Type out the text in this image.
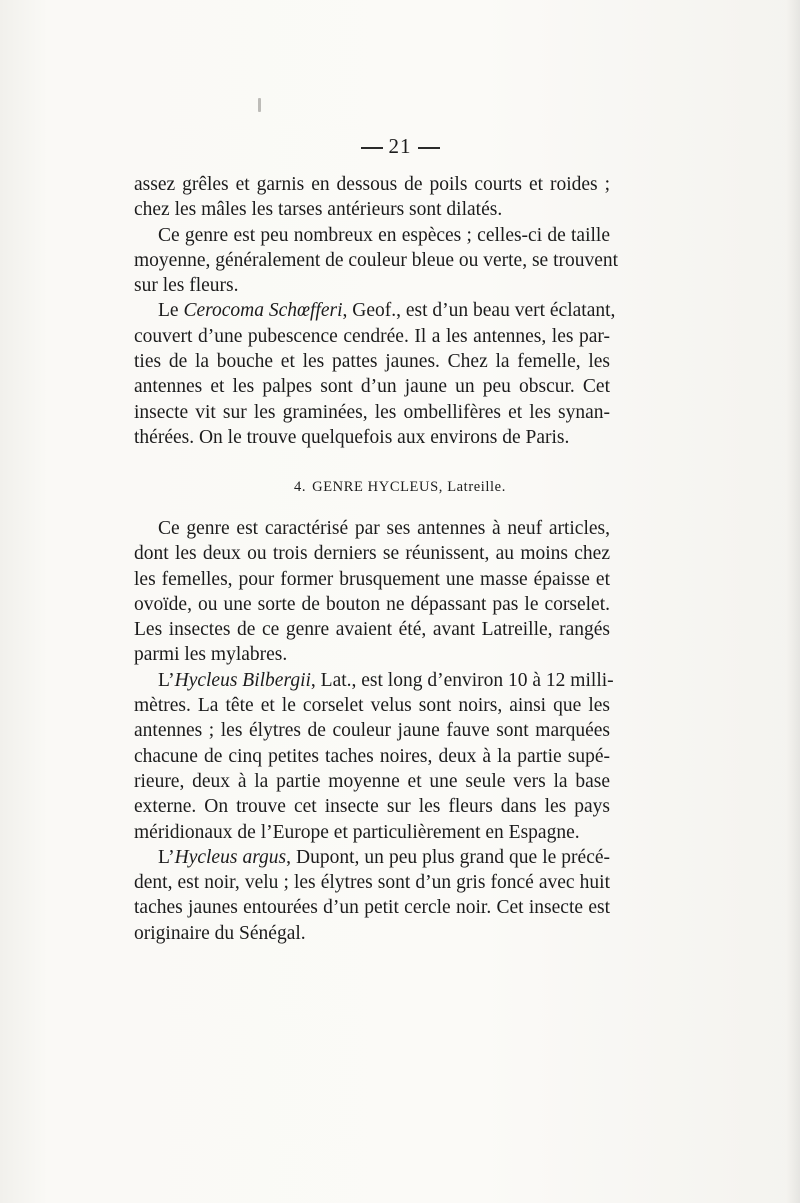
21
assez grêles et garnis en dessous de poils courts et roides ;
chez les mâles les tarses antérieurs sont dilatés.
Ce genre est peu nombreux en espèces ; celles-ci de taille
moyenne, généralement de couleur bleue ou verte, se trouvent
sur les fleurs.
Le Cerocoma Schœfferi, Geof., est d’un beau vert éclatant,
couvert d’une pubescence cendrée. Il a les antennes, les par-
ties de la bouche et les pattes jaunes. Chez la femelle, les
antennes et les palpes sont d’un jaune un peu obscur. Cet
insecte vit sur les graminées, les ombellifères et les synan-
thérées. On le trouve quelquefois aux environs de Paris.
4. GENRE HYCLEUS, Latreille.
Ce genre est caractérisé par ses antennes à neuf articles,
dont les deux ou trois derniers se réunissent, au moins chez
les femelles, pour former brusquement une masse épaisse et
ovoïde, ou une sorte de bouton ne dépassant pas le corselet.
Les insectes de ce genre avaient été, avant Latreille, rangés
parmi les mylabres.
L’Hycleus Bilbergii, Lat., est long d’environ 10 à 12 milli-
mètres. La tête et le corselet velus sont noirs, ainsi que les
antennes ; les élytres de couleur jaune fauve sont marquées
chacune de cinq petites taches noires, deux à la partie supé-
rieure, deux à la partie moyenne et une seule vers la base
externe. On trouve cet insecte sur les fleurs dans les pays
méridionaux de l’Europe et particulièrement en Espagne.
L’Hycleus argus, Dupont, un peu plus grand que le précé-
dent, est noir, velu ; les élytres sont d’un gris foncé avec huit
taches jaunes entourées d’un petit cercle noir. Cet insecte est
originaire du Sénégal.
